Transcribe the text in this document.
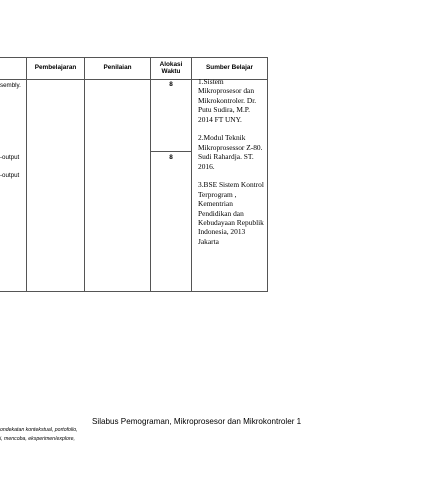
Pembelajaran	Penilaian
Alokasi
Waktu
Sumber Belajar
sembly.
-output
-output
8
8

1.Sistem Mikroprosesor dan Mikrokontroler. Dr. Putu Sudira, M.P. 2014 FT UNY.

2.Modul Teknik Mikroprosessor Z-80. Sudi Rahardja. ST. 2016.

3.BSE Sistem Kontrol Terprogram , Kementrian Pendidikan dan Kebudayaan Republik Indonesia, 2013 Jakarta

Silabus Pemograman, Mikroprosesor dan Mikrokontroler 1
ondekatan kontekstual, portofolio,
i, mencoba, eksperimen/explore,
